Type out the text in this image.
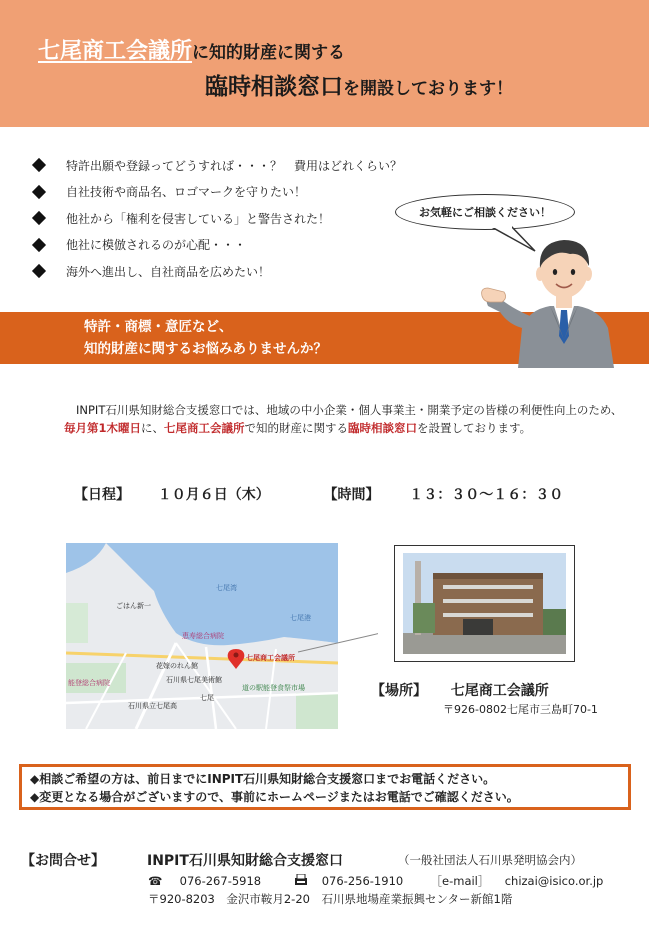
七尾商工会議所に知的財産に関する
臨時相談窓口を開設しております！
特許出願や登録ってどうすれば・・・？　費用はどれくらい？
自社技術や商品名、ロゴマークを守りたい！
他社から「権利を侵害している」と警告された！
他社に模倣されるのが心配・・・
海外へ進出し、自社商品を広めたい！
お気軽にご相談ください！
特許・商標・意匠など、
知的財産に関するお悩みありませんか？
INPIT石川県知財総合支援窓口では、地域の中小企業・個人事業主・開業予定の皆様の利便性向上のため、毎月第1木曜日に、七尾商工会議所で知的財産に関する臨時相談窓口を設置しております。
【日程】 １０月６日（木）	【時間】 １３：３０～１６：３０
ごはん新一
恵寿総合病院
七尾商工会議所
花嫁のれん館
石川県七尾美術館
能登総合病院
石川県立七尾高
七尾
道の駅能登食祭市場
七尾湾
七尾港
【場所】 七尾商工会議所
〒926-0802七尾市三島町70-1
◆相談ご希望の方は、前日までにINPIT石川県知財総合支援窓口までお電話ください。
◆変更となる場合がございますので、事前にホームページまたはお電話でご確認ください。
【お問合せ】	INPIT石川県知財総合支援窓口	（一般社団法人石川県発明協会内）
☎ 076-267-5918	076-256-1910 ［e-mail］ chizai@isico.or.jp
〒920-8203　金沢市鞍月2-20　石川県地場産業振興センター新館1階
